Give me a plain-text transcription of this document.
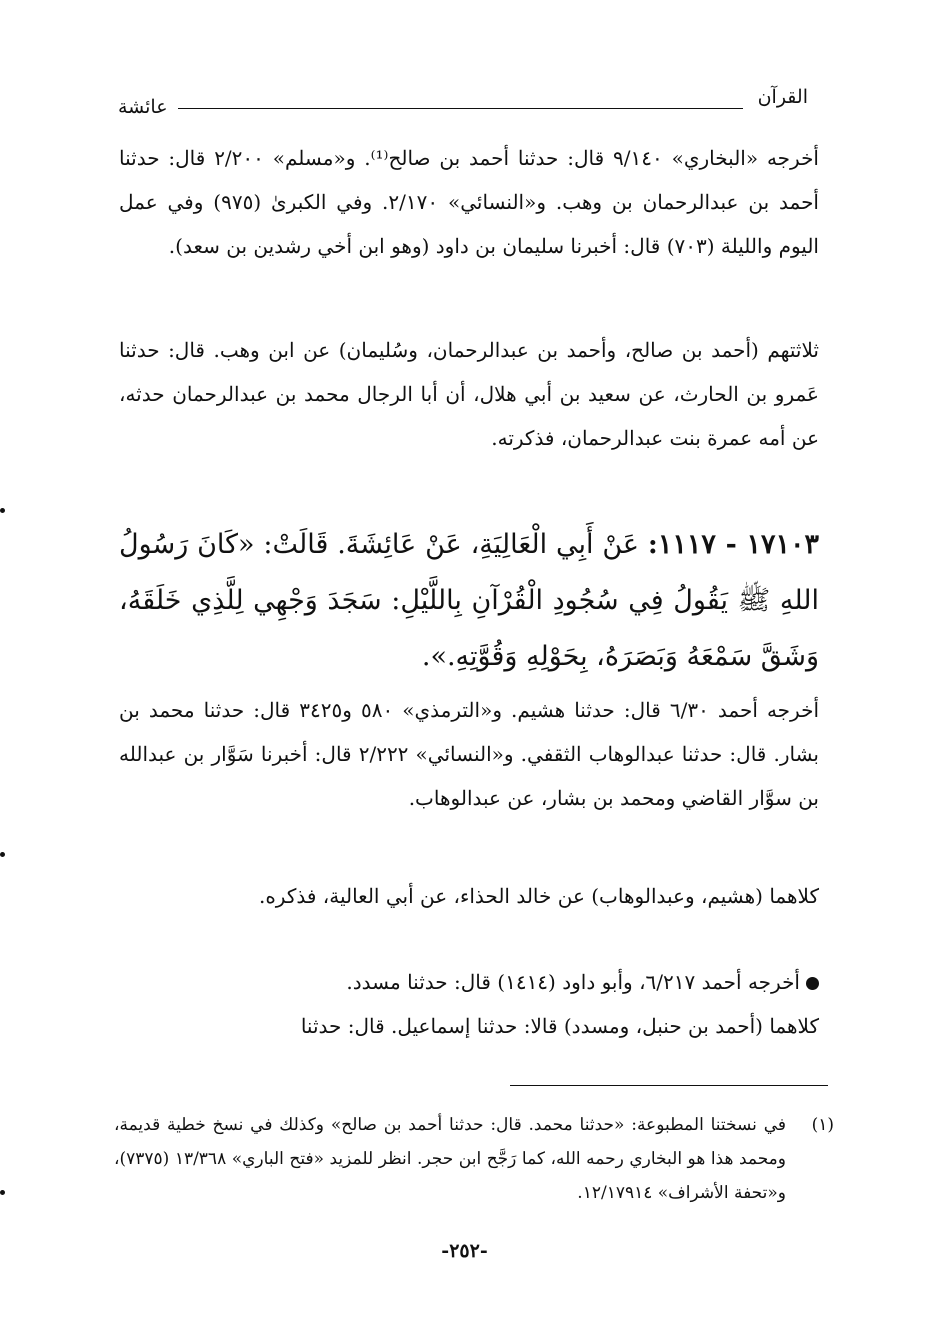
القرآن
عائشة

أخرجه «البخاري» ٩/١٤٠ قال: حدثنا أحمد بن صالح⁽¹⁾. و«مسلم» ٢/٢٠٠ قال: حدثنا أحمد بن عبدالرحمان بن وهب. و«النسائي» ٢/١٧٠. وفي الكبرىٰ (٩٧٥) وفي عمل اليوم والليلة (٧٠٣) قال: أخبرنا سليمان بن داود (وهو ابن أخي رشدين بن سعد).

ثلاثتهم (أحمد بن صالح، وأحمد بن عبدالرحمان، وسُليمان) عن ابن وهب. قال: حدثنا عَمرو بن الحارث، عن سعيد بن أبي هلال، أن أبا الرجال محمد بن عبدالرحمان حدثه، عن أمه عمرة بنت عبدالرحمان، فذكرته.

١٧١٠٣ - ١١١٧: عَنْ أَبِي الْعَالِيَةِ، عَنْ عَائِشَةَ. قَالَتْ: «كَانَ رَسُولُ اللهِ ﷺ يَقُولُ فِي سُجُودِ الْقُرْآنِ بِاللَّيْلِ: سَجَدَ وَجْهِي لِلَّذِي خَلَقَهُ، وَشَقَّ سَمْعَهُ وَبَصَرَهُ، بِحَوْلِهِ وَقُوَّتِهِ.».

أخرجه أحمد ٦/٣٠ قال: حدثنا هشيم. و«الترمذي» ٥٨٠ و٣٤٢٥ قال: حدثنا محمد بن بشار. قال: حدثنا عبدالوهاب الثقفي. و«النسائي» ٢/٢٢٢ قال: أخبرنا سَوَّار بن عبدالله بن سوَّار القاضي ومحمد بن بشار، عن عبدالوهاب.

كلاهما (هشيم، وعبدالوهاب) عن خالد الحذاء، عن أبي العالية، فذكره.

أخرجه أحمد ٦/٢١٧، وأبو داود (١٤١٤) قال: حدثنا مسدد.

كلاهما (أحمد بن حنبل، ومسدد) قالا: حدثنا إسماعيل. قال: حدثنا

(١)
في نسختنا المطبوعة: «حدثنا محمد. قال: حدثنا أحمد بن صالح» وكذلك في نسخ خطية قديمة، ومحمد هذا هو البخاري رحمه الله، كما رَجَّح ابن حجر. انظر للمزيد «فتح الباري» ١٣/٣٦٨ (٧٣٧٥)، و«تحفة الأشراف» ١٢/١٧٩١٤.

-٢٥٢-
